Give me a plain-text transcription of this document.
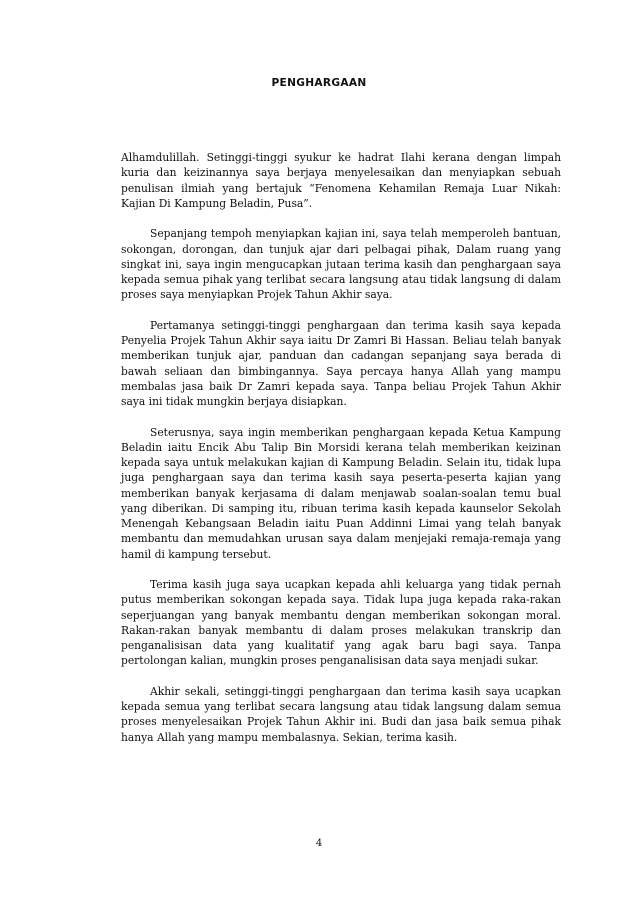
PENGHARGAAN

Alhamdulillah. Setinggi-tinggi syukur ke hadrat Ilahi kerana dengan limpah kuria dan keizinannya saya berjaya menyelesaikan dan menyiapkan sebuah penulisan ilmiah yang bertajuk “Fenomena Kehamilan Remaja Luar Nikah: Kajian Di Kampung Beladin, Pusa”.

Sepanjang tempoh menyiapkan kajian ini, saya telah memperoleh bantuan, sokongan, dorongan, dan tunjuk ajar dari pelbagai pihak, Dalam ruang yang singkat ini, saya ingin mengucapkan jutaan terima kasih dan penghargaan saya kepada semua pihak yang terlibat secara langsung atau tidak langsung di dalam proses saya menyiapkan Projek Tahun Akhir saya.

Pertamanya setinggi-tinggi penghargaan dan terima kasih saya kepada Penyelia Projek Tahun Akhir saya iaitu Dr Zamri Bi Hassan. Beliau telah banyak memberikan tunjuk ajar, panduan dan cadangan sepanjang saya berada di bawah seliaan dan bimbingannya. Saya percaya hanya Allah yang mampu membalas jasa baik Dr Zamri kepada saya. Tanpa beliau Projek Tahun Akhir saya ini tidak mungkin berjaya disiapkan.

Seterusnya, saya ingin memberikan penghargaan kepada Ketua Kampung Beladin iaitu Encik Abu Talip Bin Morsidi kerana telah memberikan keizinan kepada saya untuk melakukan kajian di Kampung Beladin. Selain itu, tidak lupa juga penghargaan saya dan terima kasih saya peserta-peserta kajian yang memberikan banyak kerjasama di dalam menjawab soalan-soalan temu bual yang diberikan. Di samping itu, ribuan terima kasih kepada kaunselor Sekolah Menengah Kebangsaan Beladin iaitu Puan Addinni Limai yang telah banyak membantu dan memudahkan urusan saya dalam menjejaki remaja-remaja yang hamil di kampung tersebut.

Terima kasih juga saya ucapkan kepada ahli keluarga yang tidak pernah putus memberikan sokongan kepada saya. Tidak lupa juga kepada raka-rakan seperjuangan yang banyak membantu dengan memberikan sokongan moral. Rakan-rakan banyak membantu di dalam proses melakukan transkrip dan penganalisisan data yang kualitatif yang agak baru bagi saya. Tanpa pertolongan kalian, mungkin proses penganalisisan data saya menjadi sukar.

Akhir sekali, setinggi-tinggi penghargaan dan terima kasih saya ucapkan kepada semua yang terlibat secara langsung atau tidak langsung dalam semua proses menyelesaikan Projek Tahun Akhir ini. Budi dan jasa baik semua pihak hanya Allah yang mampu membalasnya. Sekian, terima kasih.

4
